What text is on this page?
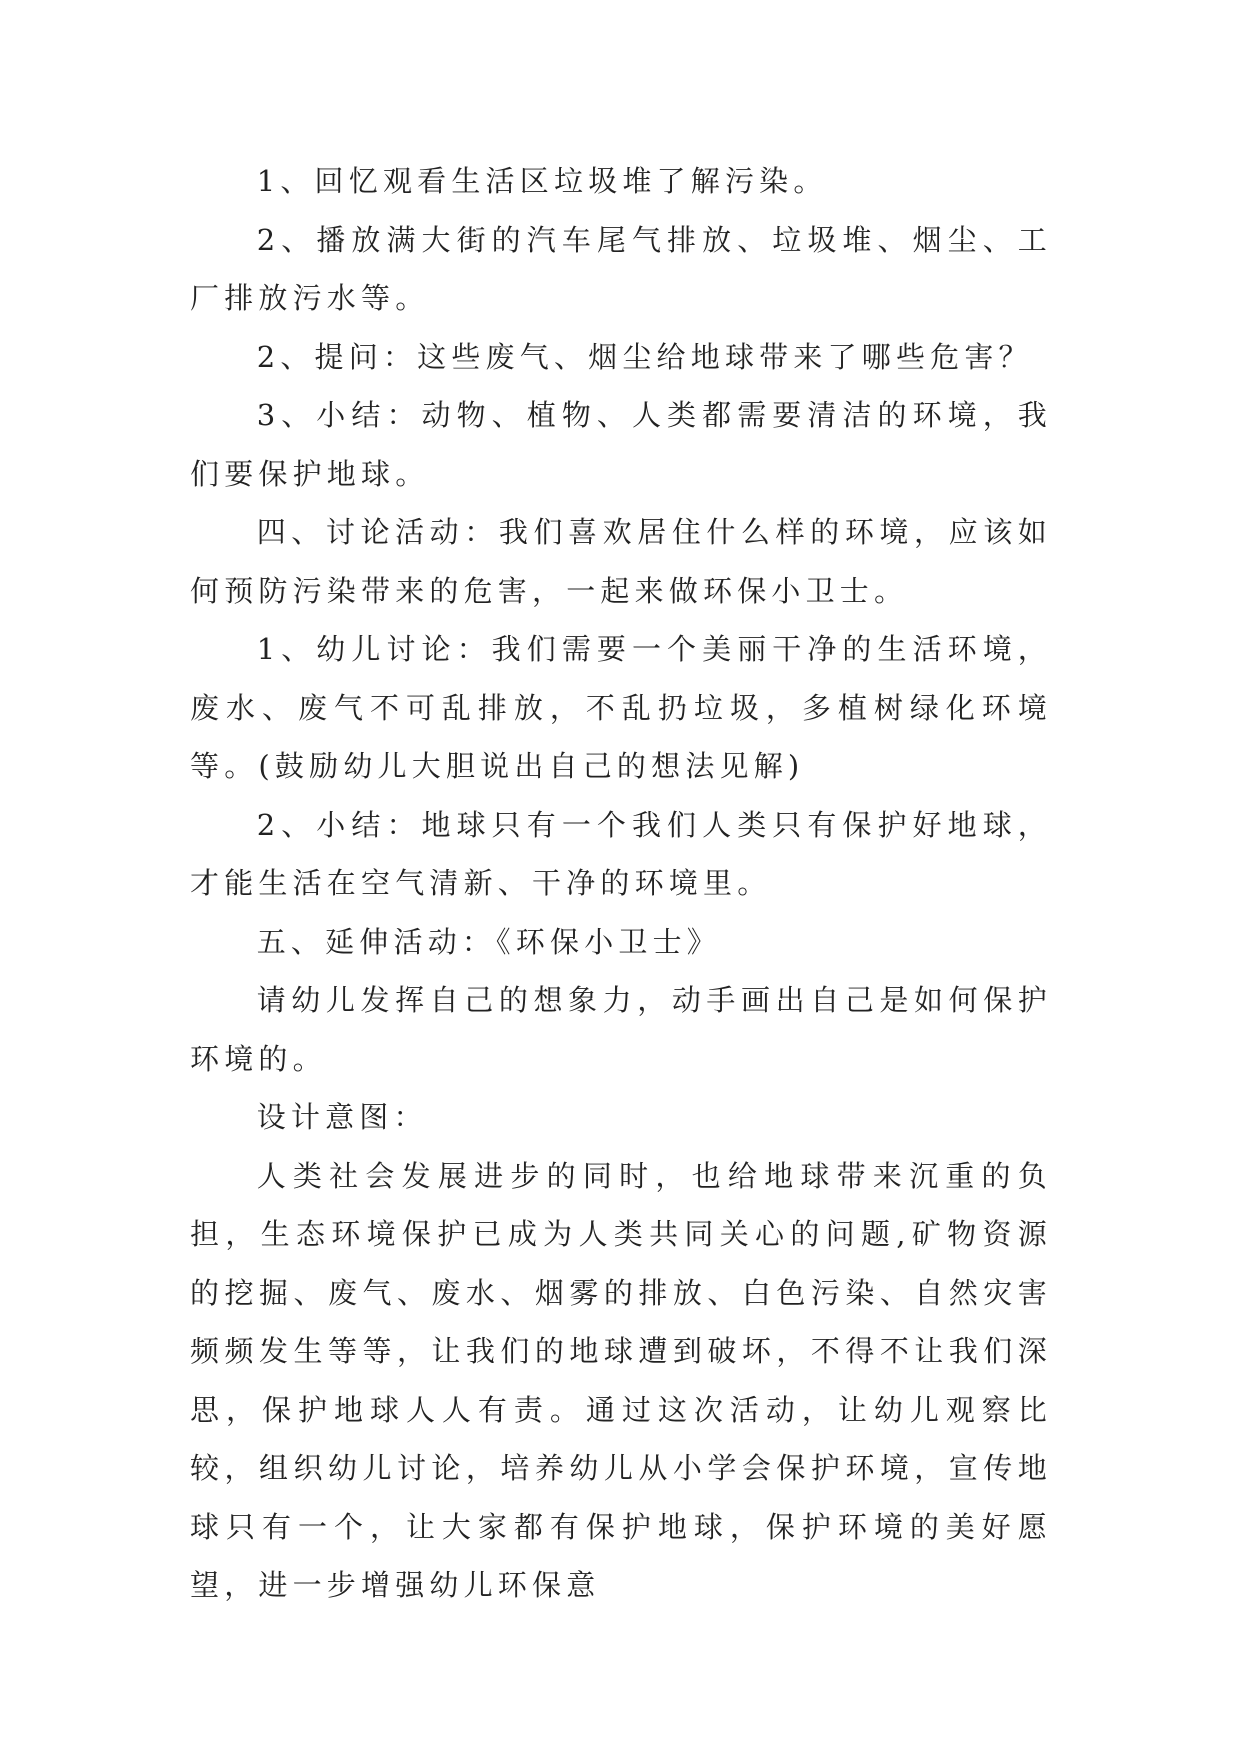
1、回忆观看生活区垃圾堆了解污染。

2、播放满大街的汽车尾气排放、垃圾堆、烟尘、工厂排放污水等。

2、提问：这些废气、烟尘给地球带来了哪些危害？

3、小结：动物、植物、人类都需要清洁的环境，我们要保护地球。

四、讨论活动：我们喜欢居住什么样的环境，应该如何预防污染带来的危害，一起来做环保小卫士。

1、幼儿讨论：我们需要一个美丽干净的生活环境，废水、废气不可乱排放，不乱扔垃圾，多植树绿化环境等。(鼓励幼儿大胆说出自己的想法见解)

2、小结：地球只有一个我们人类只有保护好地球，才能生活在空气清新、干净的环境里。

五、延伸活动：《环保小卫士》

请幼儿发挥自己的想象力，动手画出自己是如何保护环境的。

设计意图：

人类社会发展进步的同时，也给地球带来沉重的负担，生态环境保护已成为人类共同关心的问题,矿物资源的挖掘、废气、废水、烟雾的排放、白色污染、自然灾害频频发生等等，让我们的地球遭到破坏，不得不让我们深思，保护地球人人有责。通过这次活动，让幼儿观察比较，组织幼儿讨论，培养幼儿从小学会保护环境，宣传地球只有一个，让大家都有保护地球，保护环境的美好愿望，进一步增强幼儿环保意
